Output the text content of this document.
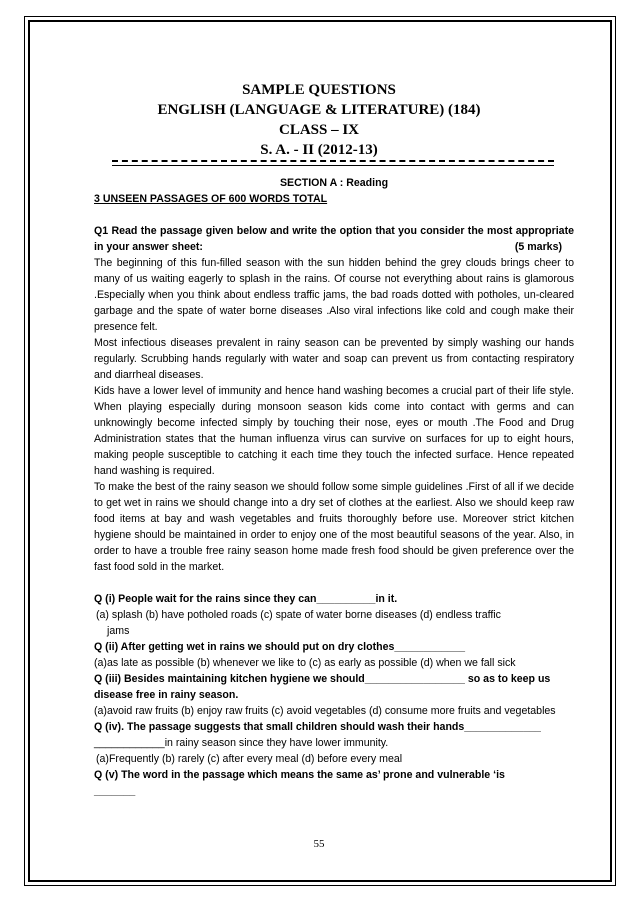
SAMPLE QUESTIONS
ENGLISH (LANGUAGE & LITERATURE) (184)
CLASS – IX
S. A. - II (2012-13)
SECTION A : Reading
3 UNSEEN PASSAGES OF 600 WORDS TOTAL
Q1 Read the passage given below and write the option that you consider the most appropriate in your answer sheet:	(5 marks)

The beginning of this fun-filled season with the sun hidden behind the grey clouds brings cheer to many of us waiting eagerly to splash in the rains. Of course not everything about rains is glamorous .Especially when you think about endless traffic jams, the bad roads dotted with potholes, un-cleared garbage and the spate of water borne diseases .Also viral infections like cold and cough make their presence felt.

Most infectious diseases prevalent in rainy season can be prevented by simply washing our hands regularly. Scrubbing hands regularly with water and soap can prevent us from contacting respiratory and diarrheal diseases.

Kids have a lower level of immunity and hence hand washing becomes a crucial part of their life style. When playing especially during monsoon season kids come into contact with germs and can unknowingly become infected simply by touching their nose, eyes or mouth .The Food and Drug Administration states that the human influenza virus can survive on surfaces for up to eight hours, making people susceptible to catching it each time they touch the infected surface. Hence repeated hand washing is required.

To make the best of the rainy season we should follow some simple guidelines .First of all if we decide to get wet in rains we should change into a dry set of clothes at the earliest. Also we should keep raw food items at bay and wash vegetables and fruits thoroughly before use. Moreover strict kitchen hygiene should be maintained in order to enjoy one of the most beautiful seasons of the year. Also, in order to have a trouble free rainy season home made fresh food should be given preference over the fast food sold in the market.

Q (i) People wait for the rains since they can__________in it.
(a) splash (b) have potholed roads (c) spate of water borne diseases (d) endless traffic
jams
Q (ii) After getting wet in rains we should put on dry clothes____________
(a)as late as possible (b) whenever we like to (c) as early as possible (d) when we fall sick
Q (iii) Besides maintaining kitchen hygiene we should_________________ so as to keep us disease free in rainy season.
(a)avoid raw fruits (b) enjoy raw fruits (c) avoid vegetables (d) consume more fruits and vegetables
Q (iv). The passage suggests that small children should wash their hands_____________
____________in rainy season since they have lower immunity.
(a)Frequently (b) rarely (c) after every meal (d) before every meal
Q (v) The word in the passage which means the same as’ prone and vulnerable ‘is
_______
55
